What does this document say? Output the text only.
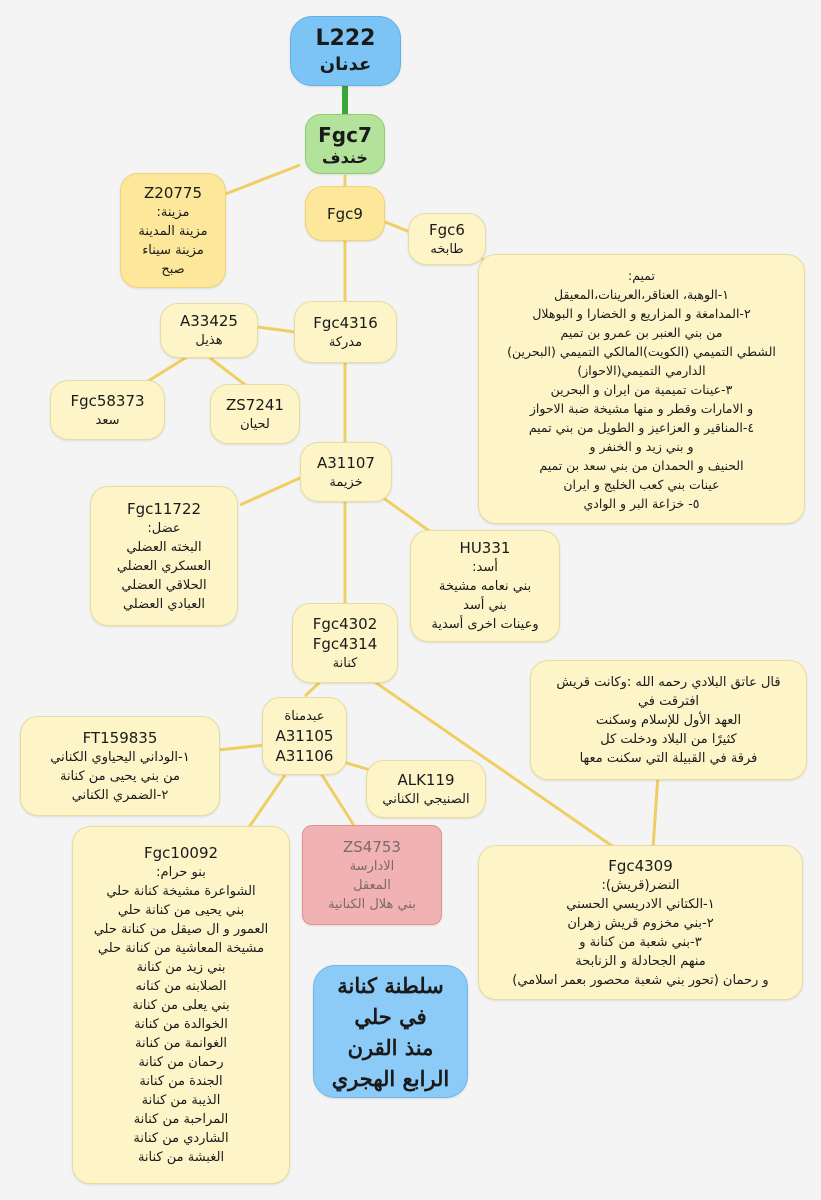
L222
عدنان
Fgc7
خندف
Z20775
مزينة:
مزينة المدينة
مزينة سيناء
صبح
Fgc9
Fgc6
طابخه
تميم:
١-الوهبة، العناقر،العرينات،المعيقل
٢-المدامغة و المزاريع و الخضارا و البوهلال
من بني العنبر بن عمرو بن تميم
الشطي التميمي (الكويت)المالكي التميمي (البحرين)
الدارمي التميمي(الاحواز)
٣-عينات تميمية من ايران و البحرين
و الامارات وقطر و منها مشيخة ضبة الاحواز
٤-المناقير و العزاعيز و الطويل من بني تميم
و بني زيد و الخنفر و
الحنيف و الحمدان من بني سعد بن تميم
عينات بني كعب الخليج و ايران
٥- خزاعة البر و الوادي
A33425
هذيل
Fgc4316
مدركة
Fgc58373
سعد
ZS7241
لحيان
A31107
خزيمة
Fgc11722
عضل:
البخته العضلي
العسكري العضلي
الحلاقي العضلي
العبادي العضلي
HU331
أسد:
بني نعامه مشيخة
بني أسد
وعينات اخرى أسدية
Fgc4302
Fgc4314
كنانة
قال عاتق البلادي رحمه الله :وكانت قريش
افترقت في
العهد الأول للإسلام وسكنت
كثيرًا من البلاد ودخلت كل
فرقة في القبيلة التي سكنت معها
عبدمناة
A31105
A31106
FT159835
١-الوداني اليحياوي الكناني
من بني يحيى من كنانة
٢-الضمري الكناني
ALK119
الصنيجي الكناني
ZS4753
الادارسة
المعقل
بني هلال الكنانية
Fgc10092
بنو حرام:
الشواعرة مشيخة كنانة حلي
بني يحيى من كنانة حلي
العمور و ال صيقل من كنانة حلي
مشيخة المعاشية من كنانة حلي
بني زيد من كنانة
الصلابنه من كنانه
بني يعلى من كنانة
الخوالدة من كنانة
الغوانمة من كنانة
رحمان من كنانة
الجندة من كنانة
الذيبة من كنانة
المراحبة من كنانة
الشاردي من كنانة
الغبشة من كنانة
Fgc4309
النضر(قريش):
١-الكتاني الادريسي الحسني
٢-بني مخزوم قريش زهران
٣-بني شعبة من كنانة و
منهم الجحادلة و الزنابحة
و رحمان (تحور بني شعبة محصور بعمر اسلامي)
سلطنة كنانة
في حلي
منذ القرن
الرابع الهجري
